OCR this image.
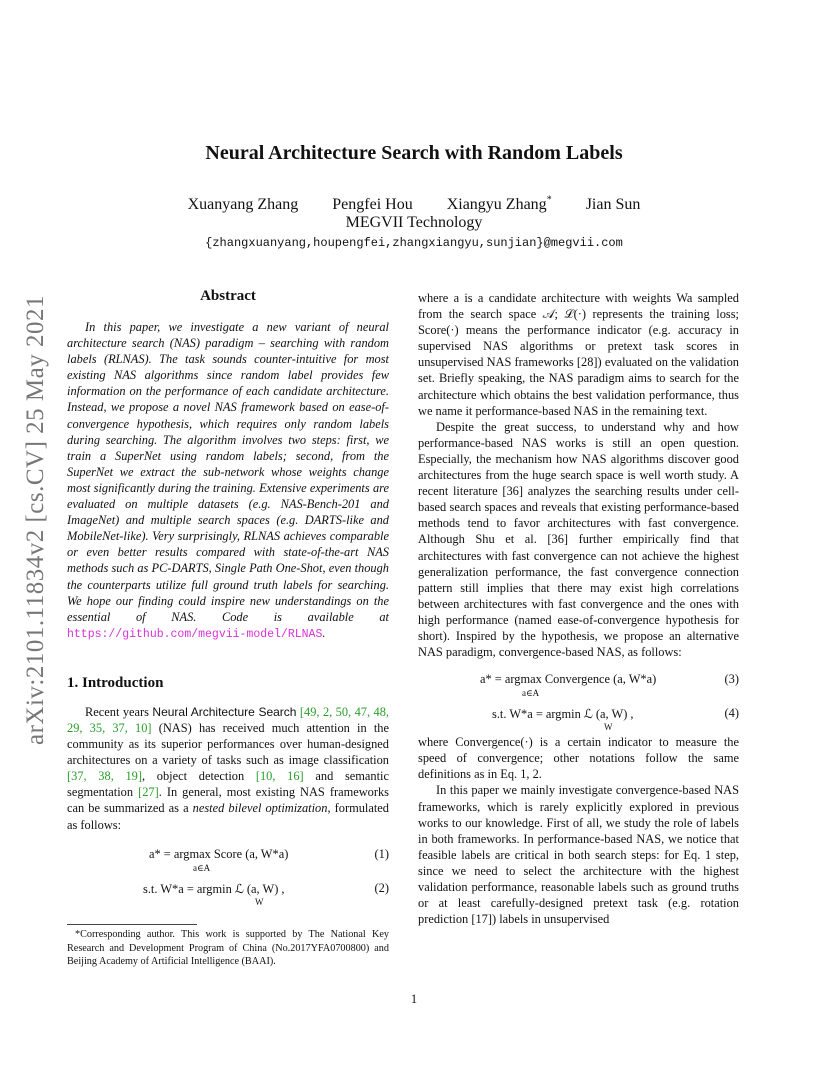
arXiv:2101.11834v2 [cs.CV] 25 May 2021
Neural Architecture Search with Random Labels
Xuanyang Zhang Pengfei Hou Xiangyu Zhang* Jian Sun
MEGVII Technology
{zhangxuanyang,houpengfei,zhangxiangyu,sunjian}@megvii.com
Abstract

In this paper, we investigate a new variant of neural architecture search (NAS) paradigm – searching with random labels (RLNAS). The task sounds counter-intuitive for most existing NAS algorithms since random label provides few information on the performance of each candidate architecture. Instead, we propose a novel NAS framework based on ease-of-convergence hypothesis, which requires only random labels during searching. The algorithm involves two steps: first, we train a SuperNet using random labels; second, from the SuperNet we extract the sub-network whose weights change most significantly during the training. Extensive experiments are evaluated on multiple datasets (e.g. NAS-Bench-201 and ImageNet) and multiple search spaces (e.g. DARTS-like and MobileNet-like). Very surprisingly, RLNAS achieves comparable or even better results compared with state-of-the-art NAS methods such as PC-DARTS, Single Path One-Shot, even though the counterparts utilize full ground truth labels for searching. We hope our finding could inspire new understandings on the essential of NAS. Code is available at https://github.com/megvii-model/RLNAS.

1. Introduction

Recent years Neural Architecture Search [49, 2, 50, 47, 48, 29, 35, 37, 10] (NAS) has received much attention in the community as its superior performances over human-designed architectures on a variety of tasks such as image classification [37, 38, 19], object detection [10, 16] and semantic segmentation [27]. In general, most existing NAS frameworks can be summarized as a nested bilevel optimization, formulated as follows:

a* = argmax Score (a, W*a)
a∈A
(1)
s.t. W*a = argmin ℒ (a, W) ,
W
(2)
*Corresponding author. This work is supported by The National Key Research and Development Program of China (No.2017YFA0700800) and Beijing Academy of Artificial Intelligence (BAAI).

where a is a candidate architecture with weights Wa sampled from the search space 𝒜; ℒ(·) represents the training loss; Score(·) means the performance indicator (e.g. accuracy in supervised NAS algorithms or pretext task scores in unsupervised NAS frameworks [28]) evaluated on the validation set. Briefly speaking, the NAS paradigm aims to search for the architecture which obtains the best validation performance, thus we name it performance-based NAS in the remaining text.

Despite the great success, to understand why and how performance-based NAS works is still an open question. Especially, the mechanism how NAS algorithms discover good architectures from the huge search space is well worth study. A recent literature [36] analyzes the searching results under cell-based search spaces and reveals that existing performance-based methods tend to favor architectures with fast convergence. Although Shu et al. [36] further empirically find that architectures with fast convergence can not achieve the highest generalization performance, the fast convergence connection pattern still implies that there may exist high correlations between architectures with fast convergence and the ones with high performance (named ease-of-convergence hypothesis for short). Inspired by the hypothesis, we propose an alternative NAS paradigm, convergence-based NAS, as follows:

a* = argmax Convergence (a, W*a)
a∈A
(3)
s.t. W*a = argmin ℒ (a, W) ,
W
(4)

where Convergence(·) is a certain indicator to measure the speed of convergence; other notations follow the same definitions as in Eq. 1, 2.

In this paper we mainly investigate convergence-based NAS frameworks, which is rarely explicitly explored in previous works to our knowledge. First of all, we study the role of labels in both frameworks. In performance-based NAS, we notice that feasible labels are critical in both search steps: for Eq. 1 step, since we need to select the architecture with the highest validation performance, reasonable labels such as ground truths or at least carefully-designed pretext task (e.g. rotation prediction [17]) labels in unsupervised

1
